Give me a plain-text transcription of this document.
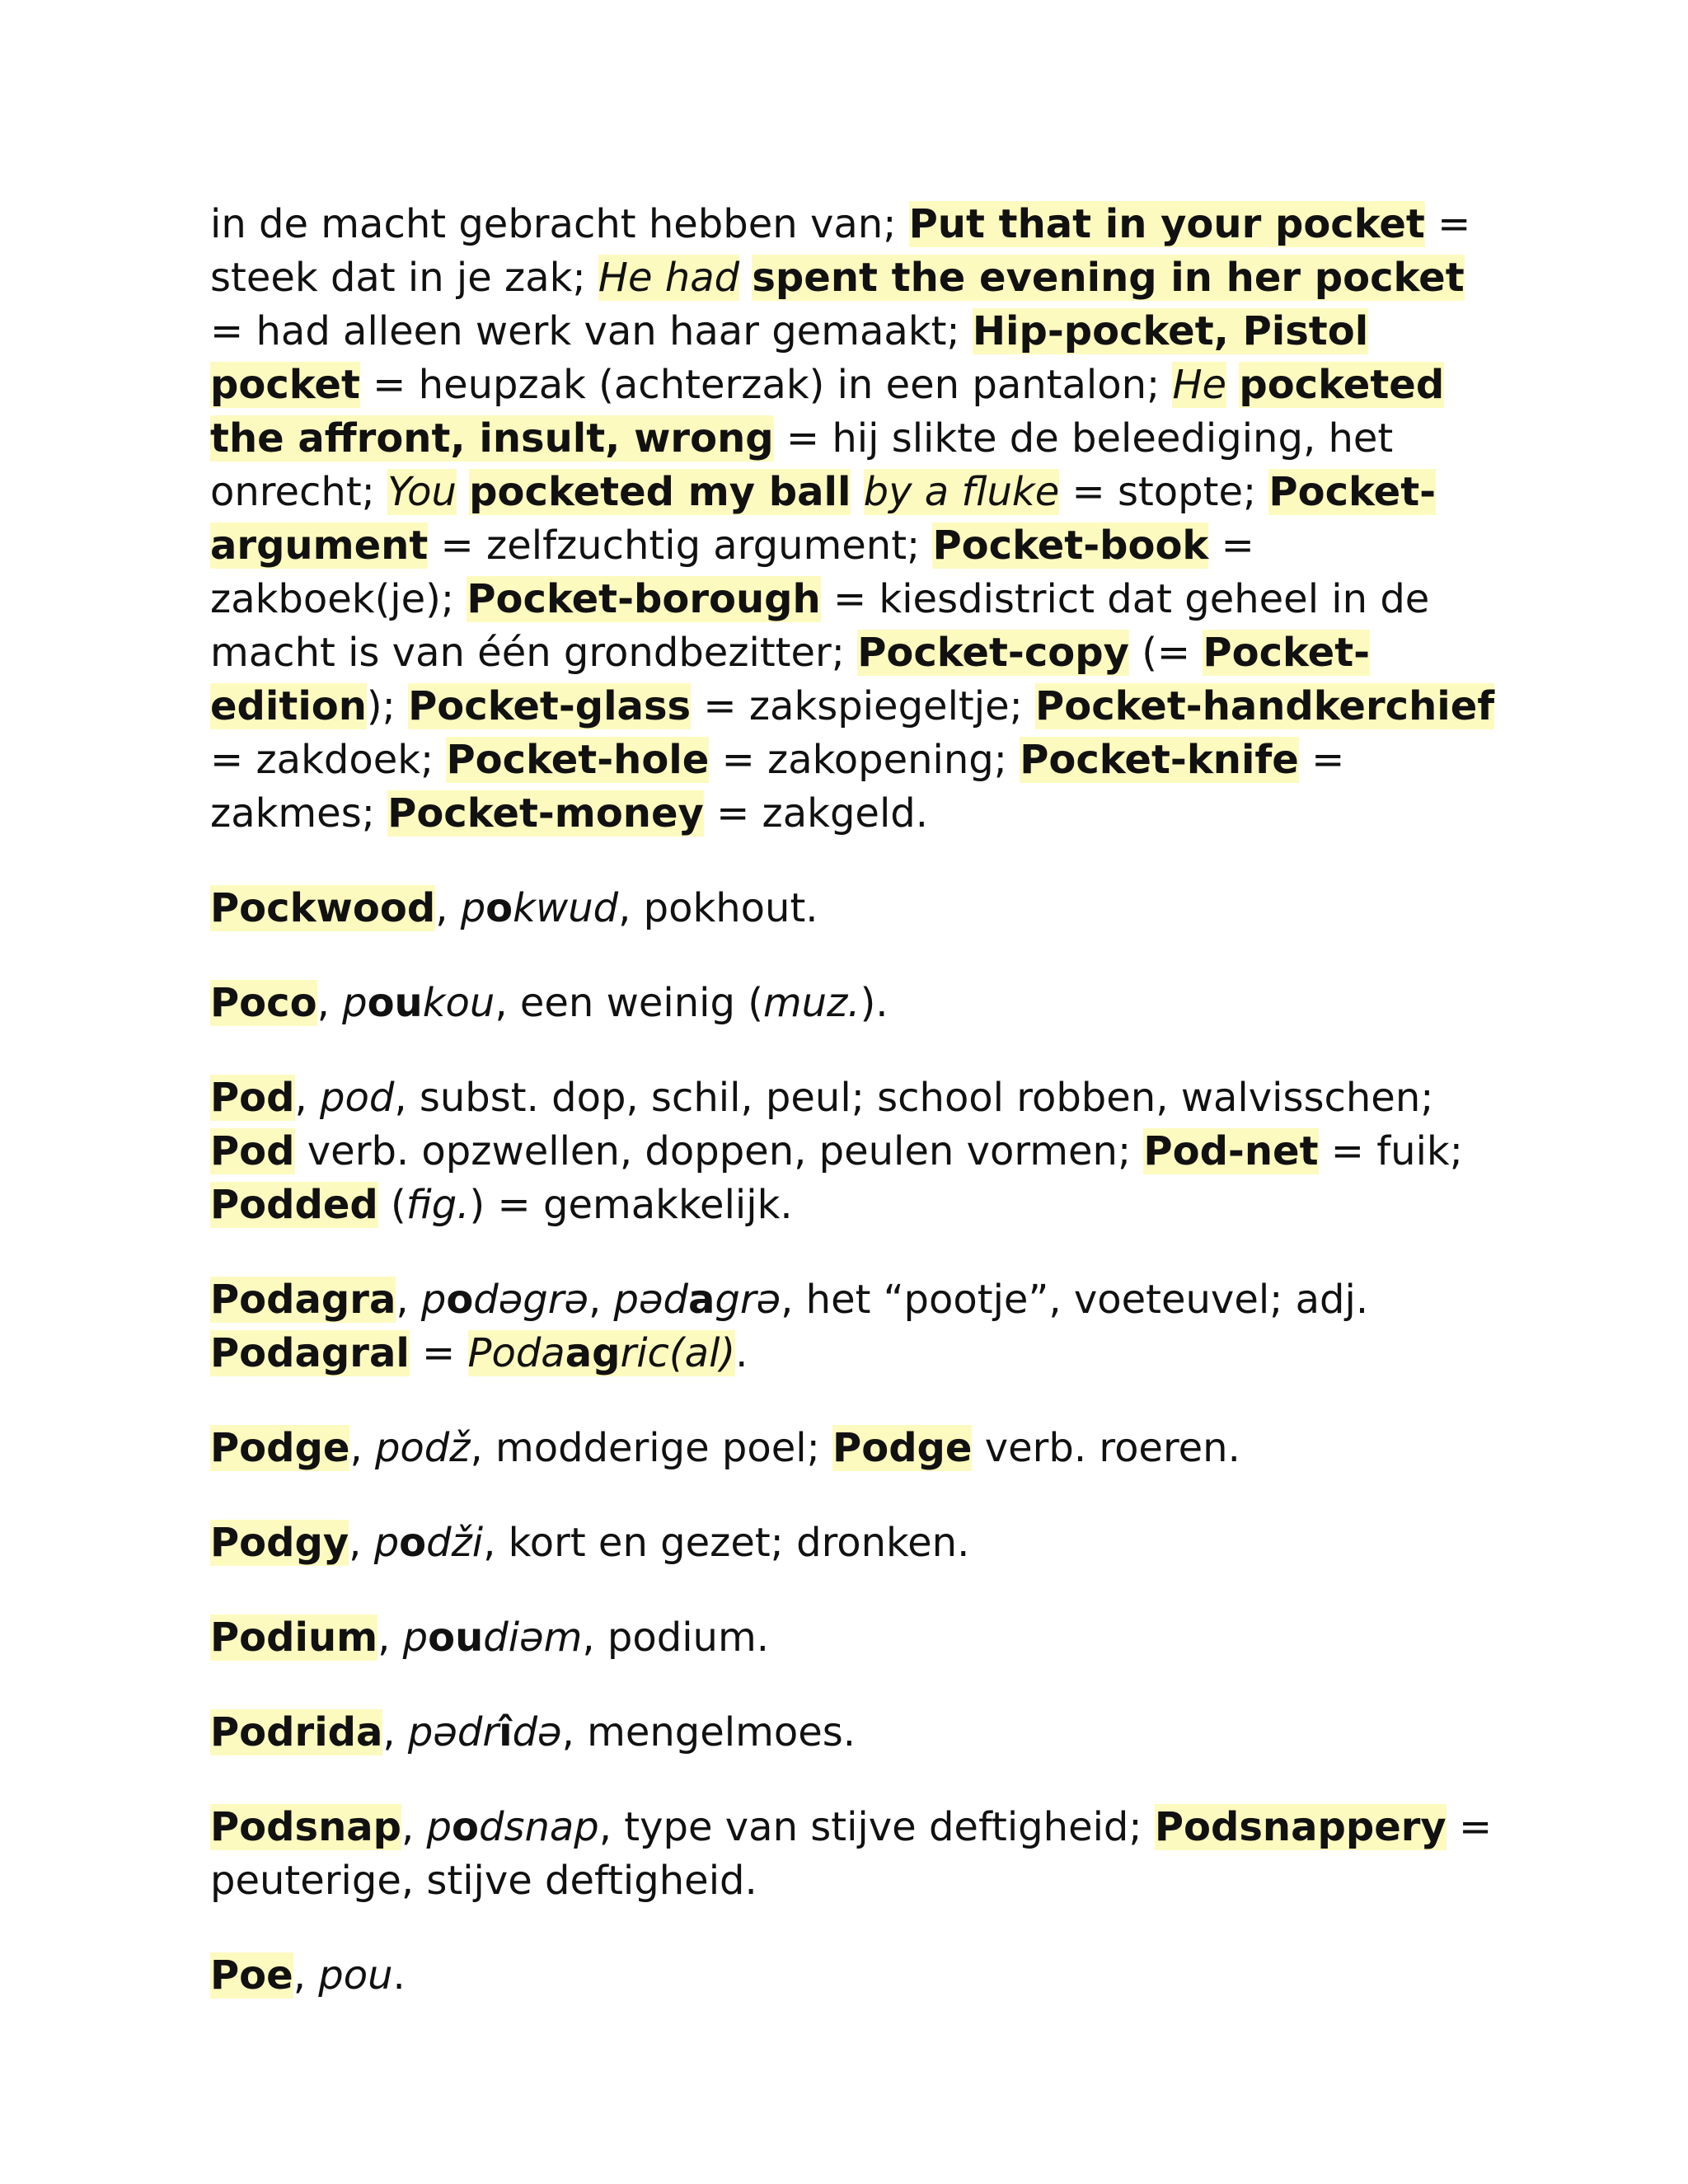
in de macht gebracht hebben van; Put that in your pocket = steek dat in je zak; He had spent the evening in her pocket = had alleen werk van haar gemaakt; Hip-pocket, Pistol pocket = heupzak (achterzak) in een pantalon; He pocketed the affront, insult, wrong = hij slikte de beleediging, het onrecht; You pocketed my ball by a fluke = stopte; Pocket-argument = zelfzuchtig argument; Pocket-book = zakboek(je); Pocket-borough = kiesdistrict dat geheel in de macht is van één grondbezitter; Pocket-copy (= Pocket-edition); Pocket-glass = zakspiegeltje; Pocket-handkerchief = zakdoek; Pocket-hole = zakopening; Pocket-knife = zakmes; Pocket-money = zakgeld.

Pockwood, pokwud, pokhout.

Poco, poukou, een weinig (muz.).

Pod, pod, subst. dop, schil, peul; school robben, walvisschen; Pod verb. opzwellen, doppen, peulen vormen; Pod-net = fuik; Podded (fig.) = gemakkelijk.

Podagra, podəgrə, pədagrə, het “pootje”, voeteuvel; adj. Podagral = Podaagric(al).

Podge, podž, modderige poel; Podge verb. roeren.

Podgy, podži, kort en gezet; dronken.

Podium, poudiəm, podium.

Podrida, pədrîdə, mengelmoes.

Podsnap, podsnap, type van stijve deftigheid; Podsnappery = peuterige, stijve deftigheid.

Poe, pou.
